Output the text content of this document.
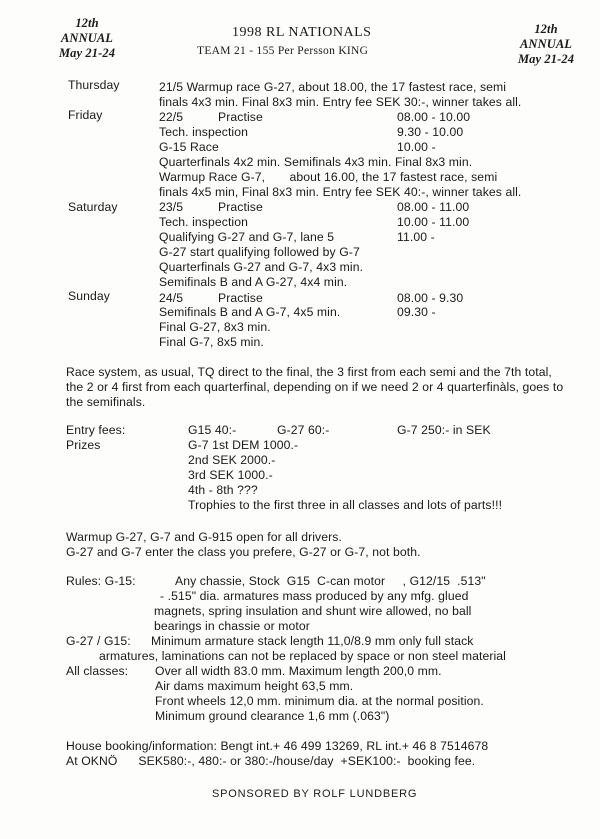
12th
ANNUAL
May 21-24
12th
ANNUAL
May 21-24
1998 RL NATIONALS
TEAM 21 - 155 Per Persson KING
Thursday	21/5 Warmup race G-27, about 18.00, the 17 fastest race, semi
finals 4x3 min. Final 8x3 min. Entry fee SEK 30:-, winner takes all.
Friday	22/5	Practise	08.00 - 10.00
Tech. inspection	9.30 - 10.00
G-15 Race	10.00 -
Quarterfinals 4x2 min. Semifinals 4x3 min. Final 8x3 min.
Warmup Race G-7,       about 16.00, the 17 fastest race, semi
finals 4x5 min, Final 8x3 min. Entry fee SEK 40:-, winner takes all.
Saturday	23/5	Practise	08.00 - 11.00
Tech. inspection	10.00 - 11.00
Qualifying G-27 and G-7, lane 5	11.00 -
G-27 start qualifying followed by G-7
Quarterfinals G-27 and G-7, 4x3 min.
Semifinals B and A G-27, 4x4 min.
Sunday	24/5	Practise	08.00 - 9.30
Semifinals B and A G-7, 4x5 min.	09.30 -
Final G-27, 8x3 min.
Final G-7, 8x5 min.
Race system, as usual, TQ direct to the final, the 3 first from each semi and the 7th total, the 2 or 4 first from each quarterfinal, depending on if we need 2 or 4 quarterfinàls, goes to the semifinals.
Entry fees:	G15 40:-	G-27 60:-	G-7 250:- in SEK
Prizes	G-7 1st DEM 1000.-
2nd SEK 2000.-
3rd SEK 1000.-
4th - 8th ???
Trophies to the first three in all classes and lots of parts!!!
Warmup G-27, G-7 and G-915 open for all drivers.
G-27 and G-7 enter the class you prefere, G-27 or G-7, not both.
Rules: G-15:	Any chassie, Stock  G15  C-can motor     , G12/15  .513"
- .515" dia. armatures mass produced by any mfg. glued
magnets, spring insulation and shunt wire allowed, no ball
bearings in chassie or motor
G-27 / G15: Minimum armature stack length 11,0/8.9 mm only full stack
armatures, laminations can not be replaced by space or non steel material
All classes: Over all width 83.0 mm. Maximum length 200,0 mm.
Air dams maximum height 63,5 mm.
Front wheels 12,0 mm. minimum dia. at the normal position.
Minimum ground clearance 1,6 mm (.063")
House booking/information: Bengt int.+ 46 499 13269, RL int.+ 46 8 7514678
At OKNÖ      SEK580:-, 480:- or 380:-/house/day  +SEK100:-  booking fee.
SPONSORED BY ROLF LUNDBERG
